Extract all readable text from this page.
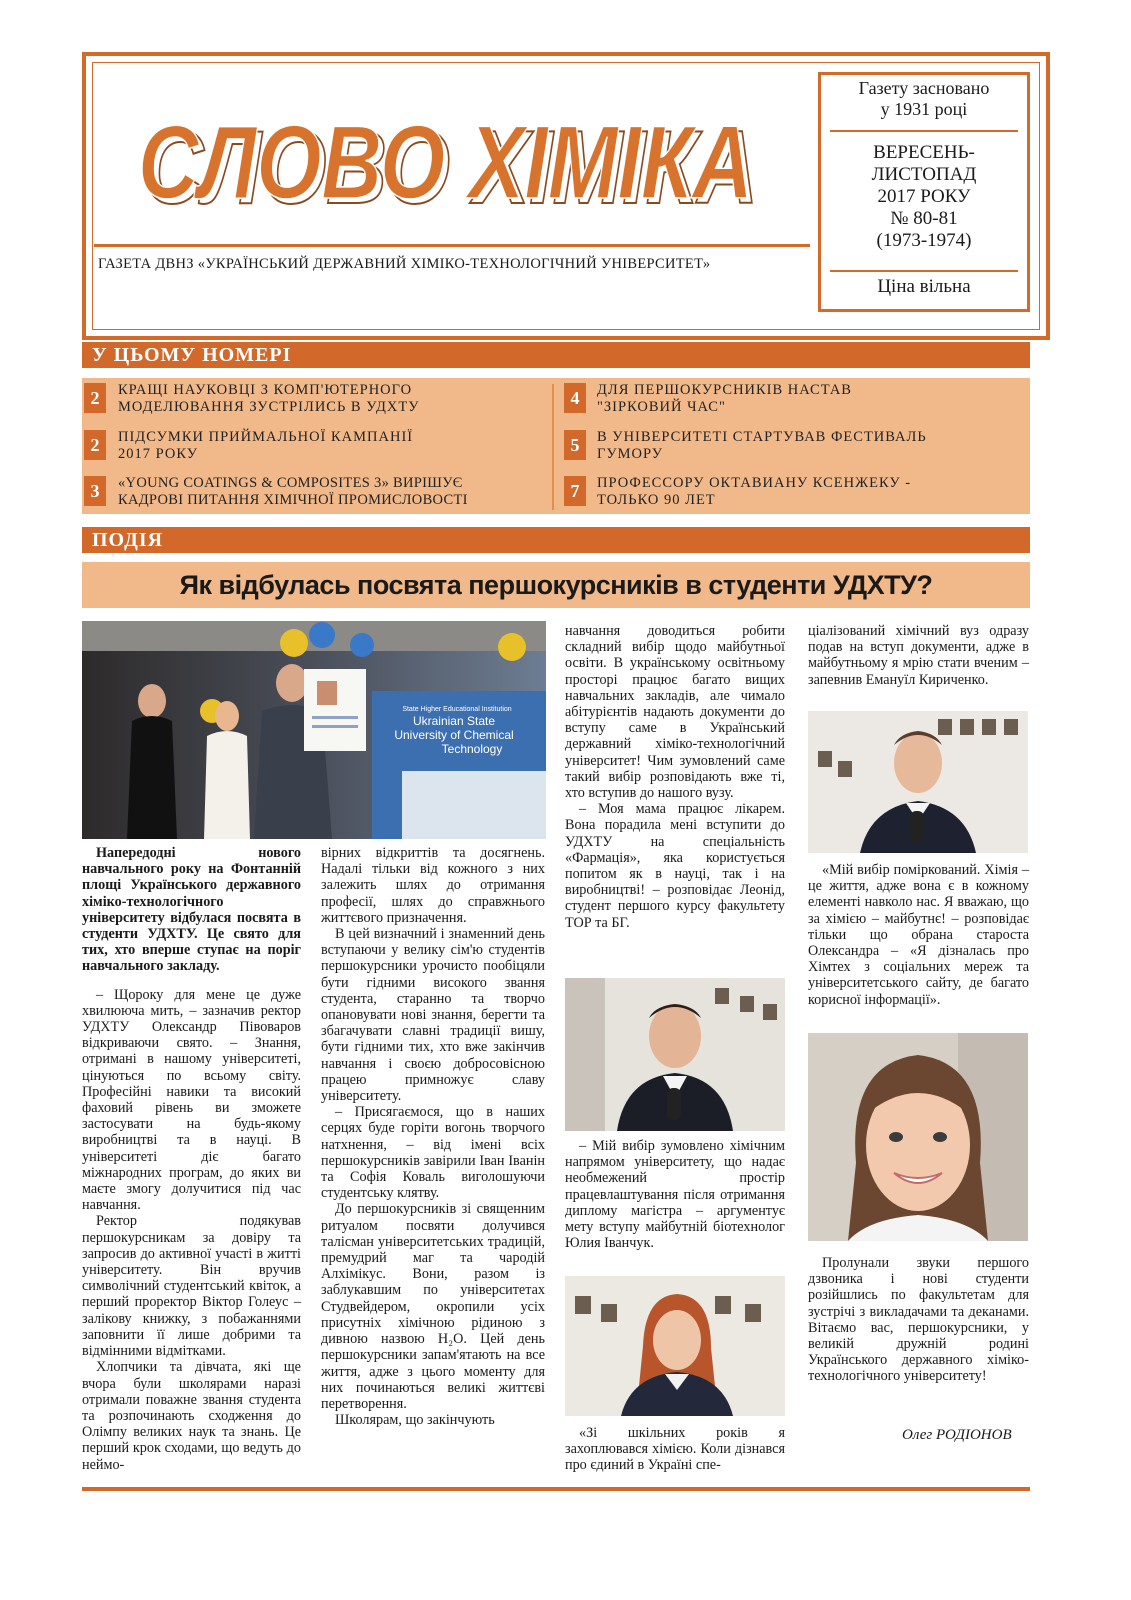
СЛОВО ХІМІКА
СЛОВО ХІМІКА
ГАЗЕТА ДВНЗ «УКРАЇНСЬКИЙ ДЕРЖАВНИЙ ХІМІКО-ТЕХНОЛОГІЧНИЙ УНІВЕРСИТЕТ»
Газету засновано
у 1931 році
ВЕРЕСЕНЬ-
ЛИСТОПАД
2017 РОКУ
№ 80-81
(1973-1974)
Ціна вільна
У ЦЬОМУ НОМЕРІ
2	КРАЩІ НАУКОВЦІ З КОМП'ЮТЕРНОГО
МОДЕЛЮВАННЯ ЗУСТРІЛИСЬ В УДХТУ
2	ПІДСУМКИ ПРИЙМАЛЬНОЇ КАМПАНІЇ
2017 РОКУ
3	«YOUNG COATINGS & COMPOSITES 3» ВИРІШУЄ
КАДРОВІ ПИТАННЯ ХІМІЧНОЇ ПРОМИСЛОВОСТІ
4	ДЛЯ ПЕРШОКУРСНИКІВ НАСТАВ
"ЗІРКОВИЙ ЧАС"
5	В УНІВЕРСИТЕТІ СТАРТУВАВ ФЕСТИВАЛЬ
ГУМОРУ
7	ПРОФЕССОРУ ОКТАВИАНУ КСЕНЖЕКУ -
ТОЛЬКО 90 ЛЕТ
ПОДІЯ
Як відбулась посвята першокурсників в студенти УДХТУ?
State Higher Educational Institution
Ukrainian State
University of Chemical
Technology

Напередодні нового навчального року на Фонтанній площі Українського державного хіміко-технологічного університету відбулася посвята в студенти УДХТУ. Це свято для тих, хто вперше ступає на поріг навчального закладу.

– Щороку для мене це дуже хвилююча мить, – зазначив ректор УДХТУ Олександр Півоваров відкриваючи свято. – Знання, отримані в нашому університеті, цінуються по всьому світу. Професійні навики та високий фаховий рівень ви зможете застосувати на будь-якому виробництві та в науці. В університеті діє багато міжнародних програм, до яких ви маєте змогу долучитися під час навчання.

Ректор подякував першокурсникам за довіру та запросив до активної участі в житті університету. Він вручив символічний студентський квіток, а перший проректор Віктор Голеус – залікову книжку, з побажаннями заповнити її лише добрими та відмінними відмітками.

Хлопчики та дівчата, які ще вчора були школярами наразі отримали поважне звання студента та розпочинають сходження до Олімпу великих наук та знань. Це перший крок сходами, що ведуть до неймо-

вірних відкриттів та досягнень. Надалі тільки від кожного з них залежить шлях до отримання професії, шлях до справжнього життєвого призначення.

В цей визначний і знаменний день вступаючи у велику сім'ю студентів першокурсники урочисто пообіцяли бути гідними високого звання студента, старанно та творчо опановувати нові знання, берегти та збагачувати славні традиції вишу, бути гідними тих, хто вже закінчив навчання і своєю добросовісною працею примножує славу університету.

– Присягаємося, що в наших серцях буде горіти вогонь творчого натхнення, – від імені всіх першокурсників завірили Іван Іванін та Софія Коваль виголошуючи студентську клятву.

До першокурсників зі священним ритуалом посвяти долучився талісман університетських традицій, премудрий маг та чародій Алхімікус. Вони, разом із заблукавшим по університетах Студвейдером, окропили усіх присутніх хімічною рідиною з дивною назвою H₂O. Цей день першокурсники запам'ятають на все життя, адже з цього моменту для них починаються великі життєві перетворення.

Школярам, що закінчують

навчання доводиться робити складний вибір щодо майбутньої освіти. В українському освітньому просторі працює багато вищих навчальних закладів, але чимало абітурієнтів надають документи до вступу саме в Український державний хіміко-технологічний університет! Чим зумовлений саме такий вибір розповідають вже ті, хто вступив до нашого вузу.

– Моя мама працює лікарем. Вона порадила мені вступити до УДХТУ на спеціальність «Фармація», яка користується попитом як в науці, так і на виробництві! – розповідає Леонід, студент першого курсу факультету ТОР та БГ.

– Мій вибір зумовлено хімічним напрямом університету, що надає необмежений простір працевлаштування після отримання диплому магістра – аргументує мету вступу майбутній біотехнолог Юлия Іванчук.

«Зі шкільних років я захоплювався хімією. Коли дізнався про єдиний в Україні спе-

ціалізований хімічний вуз одразу подав на вступ документи, адже в майбутньому я мрію стати вченим – запевнив Емануїл Кириченко.

«Мій вибір поміркований. Хімія – це життя, адже вона є в кожному елементі навколо нас. Я вважаю, що за хімією – майбутнє! – розповідає тільки що обрана староста Олександра – «Я дізналась про Хімтех з соціальних мереж та університетського сайту, де багато корисної інформації».

Пролунали звуки першого дзвоника і нові студенти розійшлись по факультетам для зустрічі з викладачами та деканами. Вітаємо вас, першокурсники, у великій дружній родині Українського державного хіміко-технологічного університету!

Олег РОДІОНОВ
